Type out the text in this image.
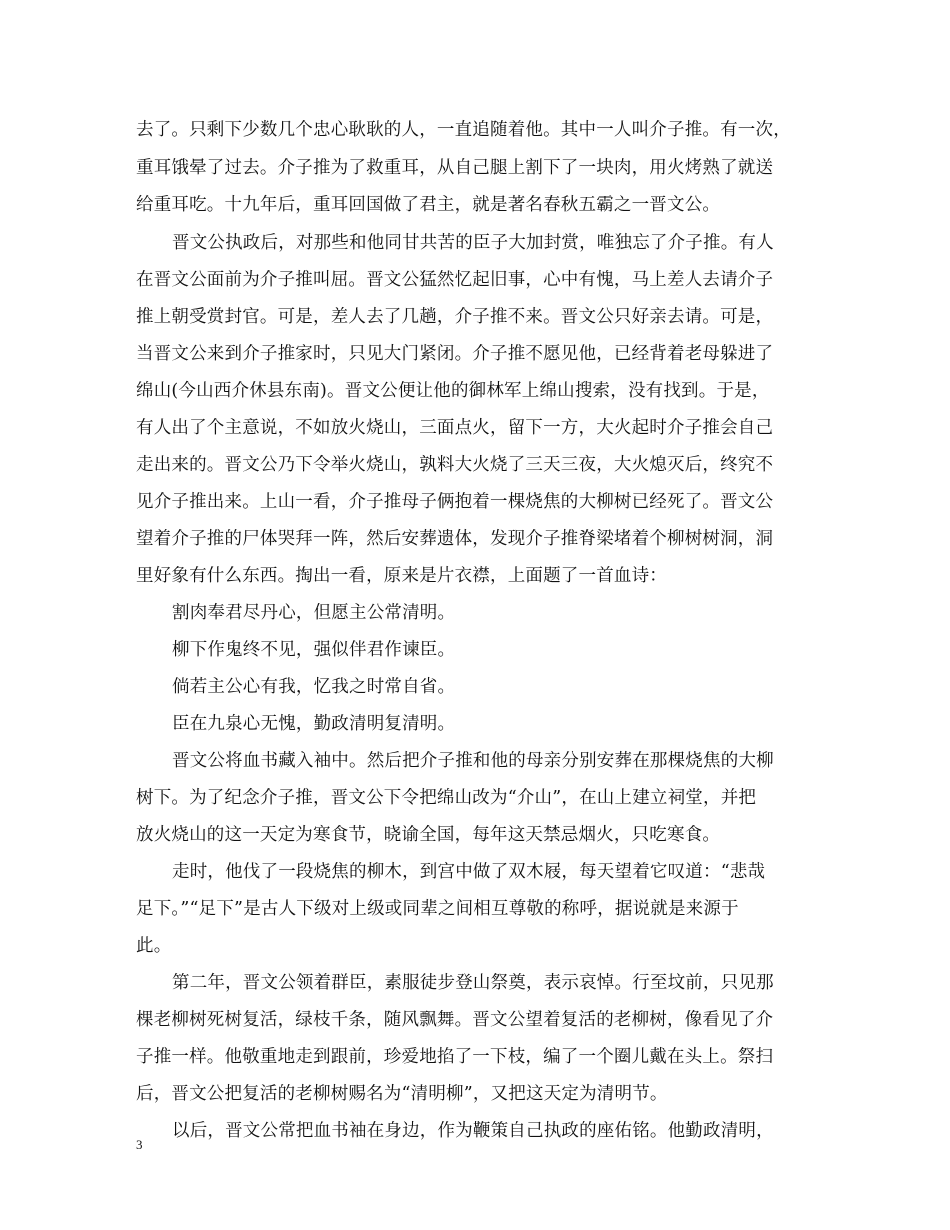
去了。只剩下少数几个忠心耿耿的人，一直追随着他。其中一人叫介子推。有一次，
重耳饿晕了过去。介子推为了救重耳，从自己腿上割下了一块肉，用火烤熟了就送
给重耳吃。十九年后，重耳回国做了君主，就是著名春秋五霸之一晋文公。
晋文公执政后，对那些和他同甘共苦的臣子大加封赏，唯独忘了介子推。有人
在晋文公面前为介子推叫屈。晋文公猛然忆起旧事，心中有愧，马上差人去请介子
推上朝受赏封官。可是，差人去了几趟，介子推不来。晋文公只好亲去请。可是，
当晋文公来到介子推家时，只见大门紧闭。介子推不愿见他，已经背着老母躲进了
绵山(今山西介休县东南)。晋文公便让他的御林军上绵山搜索，没有找到。于是，
有人出了个主意说，不如放火烧山，三面点火，留下一方，大火起时介子推会自己
走出来的。晋文公乃下令举火烧山，孰料大火烧了三天三夜，大火熄灭后，终究不
见介子推出来。上山一看，介子推母子俩抱着一棵烧焦的大柳树已经死了。晋文公
望着介子推的尸体哭拜一阵，然后安葬遗体，发现介子推脊梁堵着个柳树树洞，洞
里好象有什么东西。掏出一看，原来是片衣襟，上面题了一首血诗：
割肉奉君尽丹心，但愿主公常清明。
柳下作鬼终不见，强似伴君作谏臣。
倘若主公心有我，忆我之时常自省。
臣在九泉心无愧，勤政清明复清明。
晋文公将血书藏入袖中。然后把介子推和他的母亲分别安葬在那棵烧焦的大柳
树下。为了纪念介子推，晋文公下令把绵山改为“介山”，在山上建立祠堂，并把
放火烧山的这一天定为寒食节，晓谕全国，每年这天禁忌烟火，只吃寒食。
走时，他伐了一段烧焦的柳木，到宫中做了双木屐，每天望着它叹道：“悲哉
足下。”“足下”是古人下级对上级或同辈之间相互尊敬的称呼，据说就是来源于
此。
第二年，晋文公领着群臣，素服徒步登山祭奠，表示哀悼。行至坟前，只见那
棵老柳树死树复活，绿枝千条，随风飘舞。晋文公望着复活的老柳树，像看见了介
子推一样。他敬重地走到跟前，珍爱地掐了一下枝，编了一个圈儿戴在头上。祭扫
后，晋文公把复活的老柳树赐名为“清明柳”，又把这天定为清明节。
以后，晋文公常把血书袖在身边，作为鞭策自己执政的座佑铭。他勤政清明，
3
